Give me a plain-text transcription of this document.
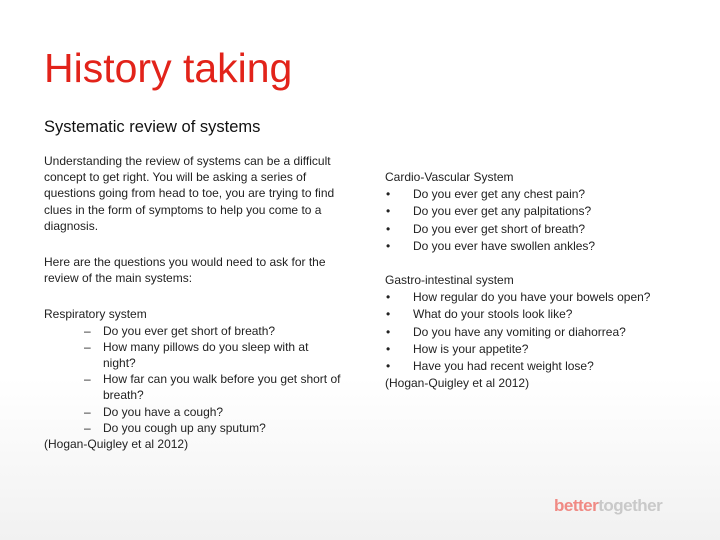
History taking
Systematic review of systems

Understanding the review of systems can be a difficult concept to get right. You will be asking a series of questions going from head to toe, you are trying to find clues in the form of symptoms to help you come to a diagnosis.

Here are the questions you would need to ask for the review of the main systems:

Respiratory system

– Do you ever get short of breath?
– How many pillows do you sleep with at night?
– How far can you walk before you get short of breath?
– Do you have a cough?
– Do you cough up any sputum?

(Hogan-Quigley et al 2012)

Cardio-Vascular System

• Do you ever get any chest pain?
• Do you ever get any palpitations?
• Do you ever get short of breath?
• Do you ever have swollen ankles?

Gastro-intestinal system

• How regular do you have your bowels open?
• What do your stools look like?
• Do you have any vomiting or diahorrea?
• How is your appetite?
• Have you had recent weight lose?

(Hogan-Quigley et al 2012)

bettertogether
